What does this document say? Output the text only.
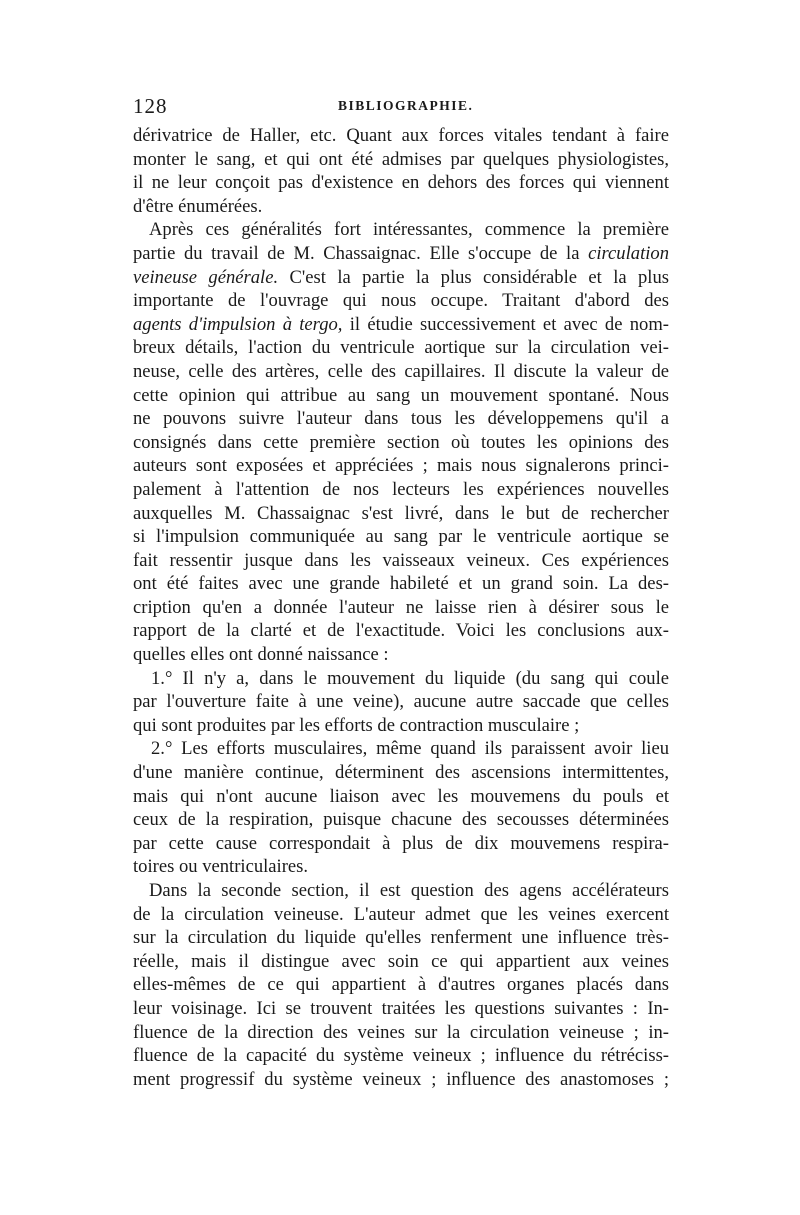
128	BIBLIOGRAPHIE.
dérivatrice de Haller, etc. Quant aux forces vitales tendant à faire
monter le sang, et qui ont été admises par quelques physiologistes,
il ne leur conçoit pas d'existence en dehors des forces qui viennent
d'être énumérées.
Après ces généralités fort intéressantes, commence la première
partie du travail de M. Chassaignac. Elle s'occupe de la circulation
veineuse générale. C'est la partie la plus considérable et la plus
importante de l'ouvrage qui nous occupe. Traitant d'abord des
agents d'impulsion à tergo, il étudie successivement et avec de nom-
breux détails, l'action du ventricule aortique sur la circulation vei-
neuse, celle des artères, celle des capillaires. Il discute la valeur de
cette opinion qui attribue au sang un mouvement spontané. Nous
ne pouvons suivre l'auteur dans tous les développemens qu'il a
consignés dans cette première section où toutes les opinions des
auteurs sont exposées et appréciées ; mais nous signalerons princi-
palement à l'attention de nos lecteurs les expériences nouvelles
auxquelles M. Chassaignac s'est livré, dans le but de rechercher
si l'impulsion communiquée au sang par le ventricule aortique se
fait ressentir jusque dans les vaisseaux veineux. Ces expériences
ont été faites avec une grande habileté et un grand soin. La des-
cription qu'en a donnée l'auteur ne laisse rien à désirer sous le
rapport de la clarté et de l'exactitude. Voici les conclusions aux-
quelles elles ont donné naissance :
1.° Il n'y a, dans le mouvement du liquide (du sang qui coule
par l'ouverture faite à une veine), aucune autre saccade que celles
qui sont produites par les efforts de contraction musculaire ;
2.° Les efforts musculaires, même quand ils paraissent avoir lieu
d'une manière continue, déterminent des ascensions intermittentes,
mais qui n'ont aucune liaison avec les mouvemens du pouls et
ceux de la respiration, puisque chacune des secousses déterminées
par cette cause correspondait à plus de dix mouvemens respira-
toires ou ventriculaires.
Dans la seconde section, il est question des agens accélérateurs
de la circulation veineuse. L'auteur admet que les veines exercent
sur la circulation du liquide qu'elles renferment une influence très-
réelle, mais il distingue avec soin ce qui appartient aux veines
elles-mêmes de ce qui appartient à d'autres organes placés dans
leur voisinage. Ici se trouvent traitées les questions suivantes : In-
fluence de la direction des veines sur la circulation veineuse ; in-
fluence de la capacité du système veineux ; influence du rétréciss-
ment progressif du système veineux ; influence des anastomoses ;
